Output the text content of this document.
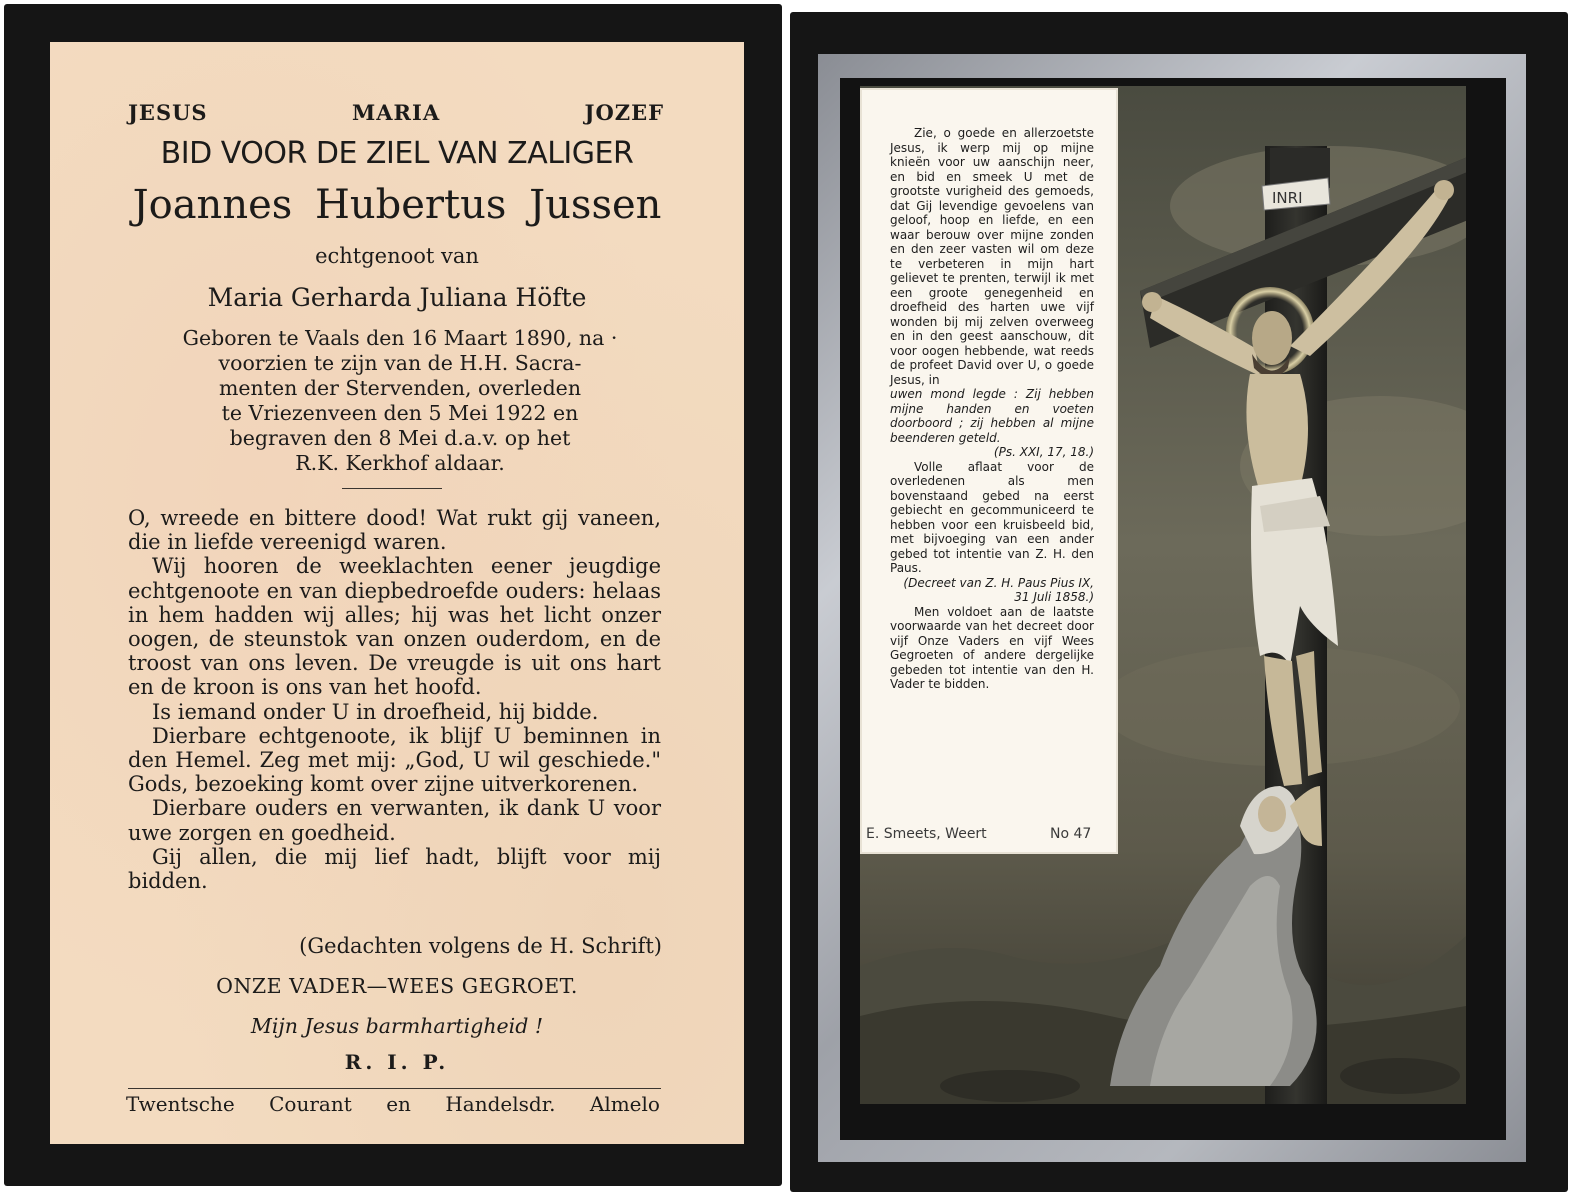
JESUS	MARIA	JOZEF
BID VOOR DE ZIEL VAN ZALIGER
Joannes Hubertus Jussen
echtgenoot van
Maria Gerharda Juliana Höfte
Geboren te Vaals den 16 Maart 1890, na ·
voorzien te zijn van de H.H. Sacra-
menten der Stervenden, overleden
te Vriezenveen den 5 Mei 1922 en
begraven den 8 Mei d.a.v. op het
R.K. Kerkhof aldaar.

O, wreede en bittere dood! Wat rukt gij vaneen, die in liefde vereenigd waren.

Wij hooren de weeklachten eener jeugdige echtgenoote en van diepbedroefde ouders: helaas in hem hadden wij alles; hij was het licht onzer oogen, de steunstok van onzen ouderdom, en de troost van ons leven. De vreugde is uit ons hart en de kroon is ons van het hoofd.

Is iemand onder U in droefheid, hij bidde.

Dierbare echtgenoote, ik blijf U beminnen in den Hemel. Zeg met mij: „God, U wil geschiede." Gods, bezoeking komt over zijne uitverkorenen.

Dierbare ouders en verwanten, ik dank U voor uwe zorgen en goedheid.

Gij allen, die mij lief hadt, blijft voor mij bidden.

(Gedachten volgens de H. Schrift)
ONZE VADER—WEES GEGROET.
Mijn Jesus barmhartigheid !
R. I. P.
Twentsche Courant en Handelsdr. Almelo
INRI

Zie, o goede en allerzoetste Jesus, ik werp mij op mijne knieën voor uw aanschijn neer, en bid en smeek U met de grootste vurigheid des gemoeds, dat Gij levendige gevoelens van geloof, hoop en liefde, en een waar berouw over mijne zonden en den zeer vasten wil om deze te verbeteren in mijn hart gelievet te prenten, terwijl ik met een groote genegenheid en droefheid des harten uwe vijf wonden bij mij zelven overweeg en in den geest aanschouw, dit voor oogen hebbende, wat reeds de profeet David over U, o goede Jesus, in

uwen mond legde : Zij hebben mijne handen en voeten doorboord ; zij hebben al mijne beenderen geteld.

(Ps. XXI, 17, 18.)

Volle aflaat voor de overledenen als men bovenstaand gebed na eerst gebiecht en gecommuniceerd te hebben voor een kruisbeeld bid, met bijvoeging van een ander gebed tot intentie van Z. H. den Paus.

(Decreet van Z. H. Paus Pius IX, 31 Juli 1858.)

Men voldoet aan de laatste voorwaarde van het decreet door vijf Onze Vaders en vijf Wees Gegroeten of andere dergelijke gebeden tot intentie van den H. Vader te bidden.

E. Smeets, Weert	No 47
